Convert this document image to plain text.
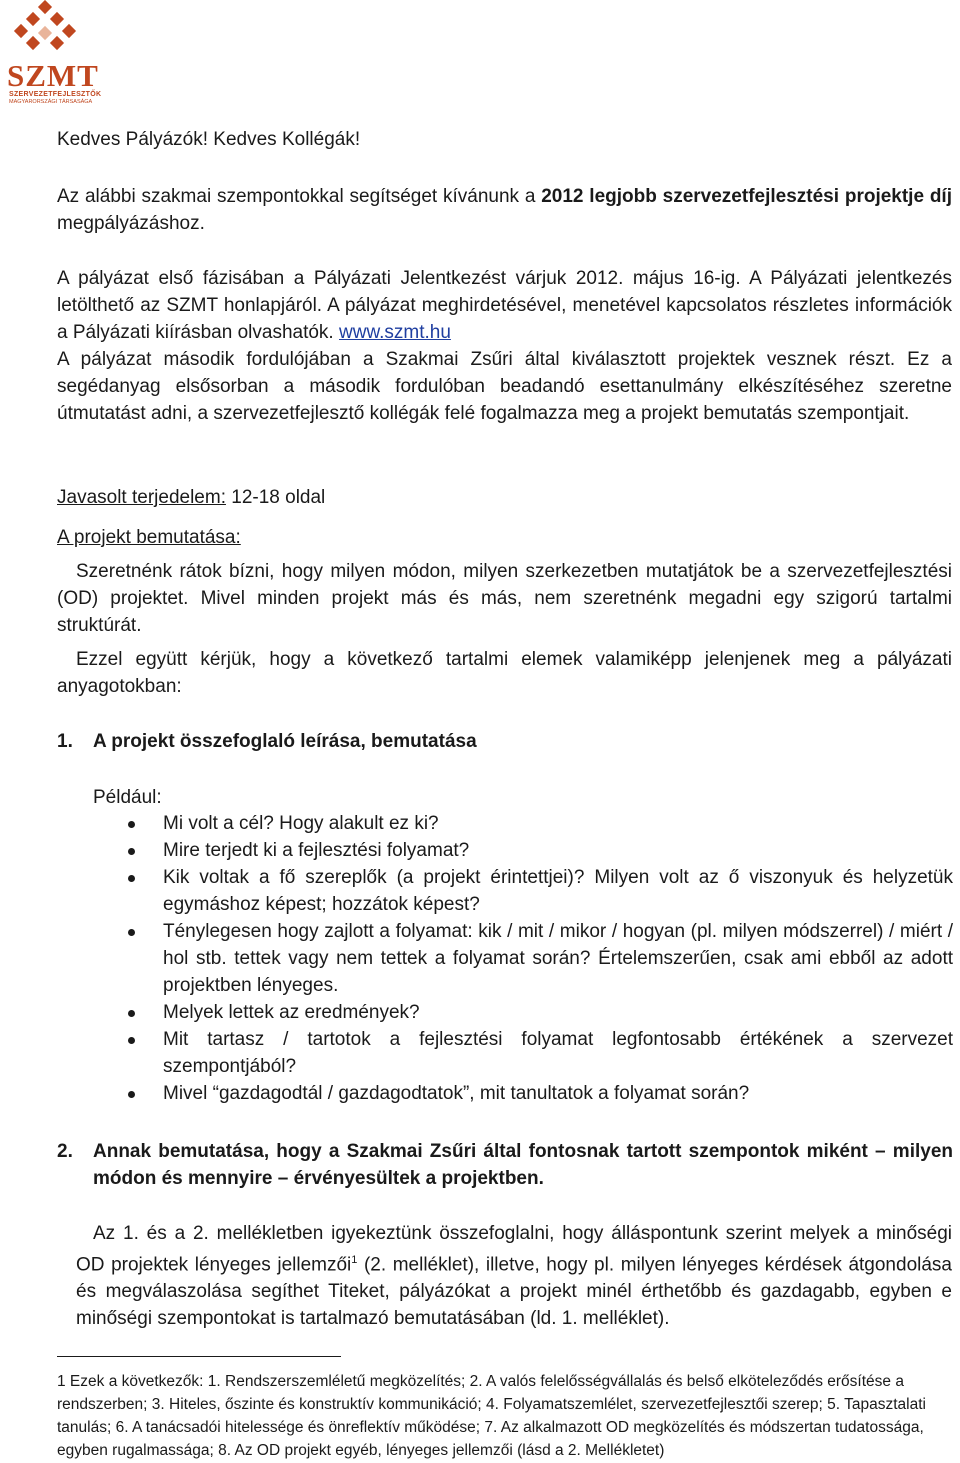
SZMT
SZERVEZETFEJLESZTŐK
MAGYARORSZÁGI TÁRSASÁGA
Kedves Pályázók! Kedves Kollégák!
Az alábbi szakmai szempontokkal segítséget kívánunk a 2012 legjobb szervezetfejlesztési projektje díj megpályázáshoz.
A pályázat első fázisában a Pályázati Jelentkezést várjuk 2012. május 16-ig. A Pályázati jelentkezés letölthető az SZMT honlapjáról. A pályázat meghirdetésével, menetével kapcsolatos részletes információk a Pályázati kiírásban olvashatók. www.szmt.hu
A pályázat második fordulójában a Szakmai Zsűri által kiválasztott projektek vesznek részt. Ez a segédanyag elsősorban a második fordulóban beadandó esettanulmány elkészítéséhez szeretne útmutatást adni, a szervezetfejlesztő kollégák felé fogalmazza meg a projekt bemutatás szempontjait.
Javasolt terjedelem: 12-18 oldal
A projekt bemutatása:
Szeretnénk rátok bízni, hogy milyen módon, milyen szerkezetben mutatjátok be a szervezetfejlesztési (OD) projektet. Mivel minden projekt más és más, nem szeretnénk megadni egy szigorú tartalmi struktúrát.
Ezzel együtt kérjük, hogy a következő tartalmi elemek valamiképp jelenjenek meg a pályázati anyagotokban:
1. A projekt összefoglaló leírása, bemutatása
Például:
Mi volt a cél? Hogy alakult ez ki?
Mire terjedt ki a fejlesztési folyamat?
Kik voltak a fő szereplők (a projekt érintettjei)? Milyen volt az ő viszonyuk és helyzetük egymáshoz képest; hozzátok képest?
Ténylegesen hogy zajlott a folyamat: kik / mit / mikor / hogyan (pl. milyen módszerrel) / miért / hol stb. tettek vagy nem tettek a folyamat során? Értelemszerűen, csak ami ebből az adott projektben lényeges.
Melyek lettek az eredmények?
Mit tartasz / tartotok a fejlesztési folyamat legfontosabb értékének a szervezet szempontjából?
Mivel “gazdagodtál / gazdagodtatok”, mit tanultatok a folyamat során?
2. Annak bemutatása, hogy a Szakmai Zsűri által fontosnak tartott szempontok miként – milyen módon és mennyire – érvényesültek a projektben.
Az 1. és a 2. mellékletben igyekeztünk összefoglalni, hogy álláspontunk szerint melyek a minőségi OD projektek lényeges jellemzői$^1$ (2. melléklet), illetve, hogy pl. milyen lényeges kérdések átgondolása és megválaszolása segíthet Titeket, pályázókat a projekt minél érthetőbb és gazdagabb, egyben e minőségi szempontokat is tartalmazó bemutatásában (ld. 1. melléklet).
1 Ezek a következők: 1. Rendszerszemléletű megközelítés; 2. A valós felelősségvállalás és belső elköteleződés erősítése a rendszerben; 3. Hiteles, őszinte és konstruktív kommunikáció; 4. Folyamatszemlélet, szervezetfejlesztői szerep; 5. Tapasztalati tanulás; 6. A tanácsadói hitelessége és önreflektív működése; 7. Az alkalmazott OD megközelítés és módszertan tudatossága, egyben rugalmassága; 8. Az OD projekt egyéb, lényeges jellemzői (lásd a 2. Mellékletet)
